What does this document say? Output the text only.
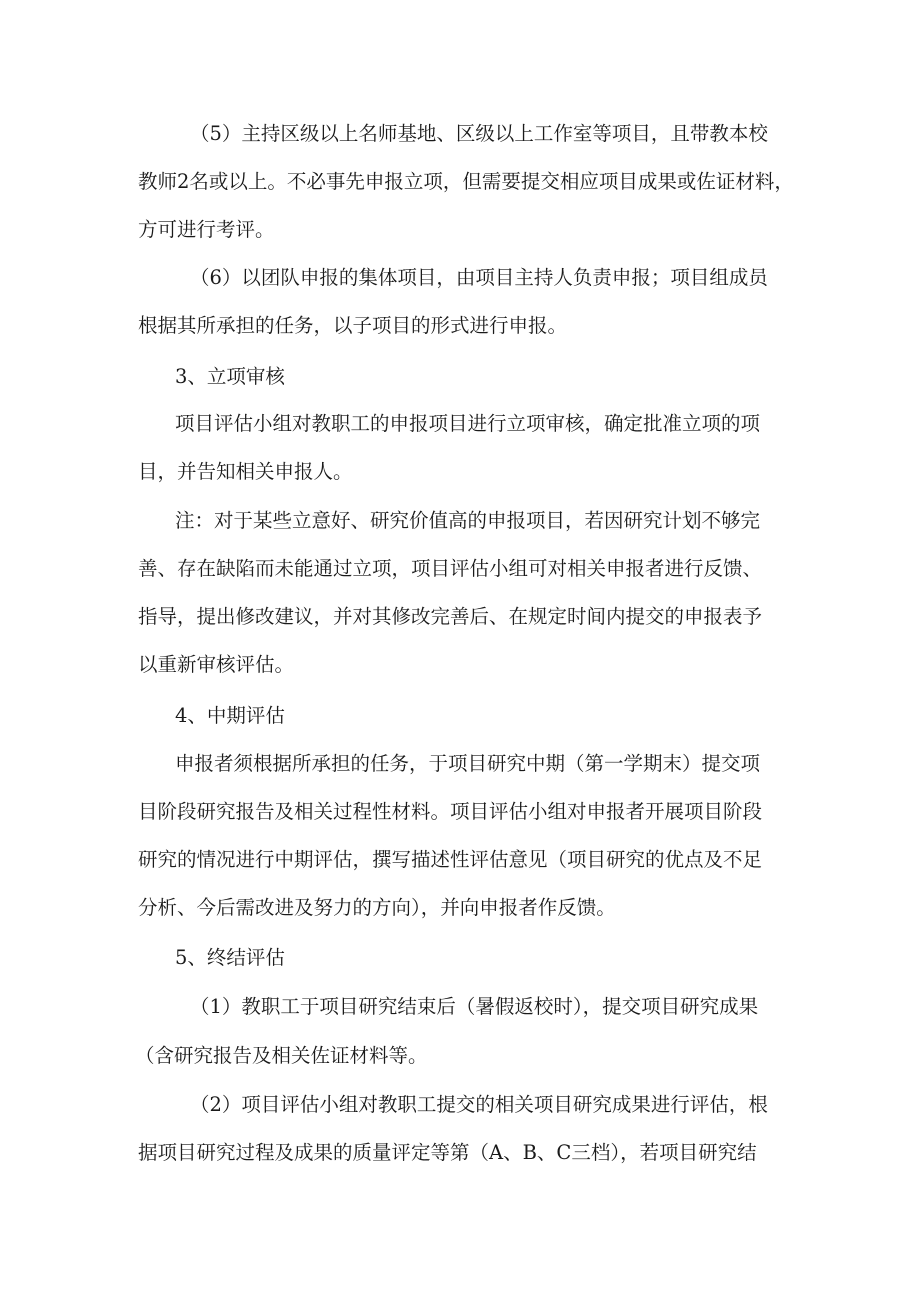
（5）主持区级以上名师基地、区级以上工作室等项目，且带教本校
教师2名或以上。不必事先申报立项，但需要提交相应项目成果或佐证材料，
方可进行考评。
（6）以团队申报的集体项目，由项目主持人负责申报；项目组成员
根据其所承担的任务，以子项目的形式进行申报。
3、立项审核
项目评估小组对教职工的申报项目进行立项审核，确定批准立项的项
目，并告知相关申报人。
注：对于某些立意好、研究价值高的申报项目，若因研究计划不够完
善、存在缺陷而未能通过立项，项目评估小组可对相关申报者进行反馈、
指导，提出修改建议，并对其修改完善后、在规定时间内提交的申报表予
以重新审核评估。
4、中期评估
申报者须根据所承担的任务，于项目研究中期（第一学期末）提交项
目阶段研究报告及相关过程性材料。项目评估小组对申报者开展项目阶段
研究的情况进行中期评估，撰写描述性评估意见（项目研究的优点及不足
分析、今后需改进及努力的方向），并向申报者作反馈。
5、终结评估
（1）教职工于项目研究结束后（暑假返校时），提交项目研究成果
（含研究报告及相关佐证材料等。
（2）项目评估小组对教职工提交的相关项目研究成果进行评估，根
据项目研究过程及成果的质量评定等第（A、B、C三档），若项目研究结
